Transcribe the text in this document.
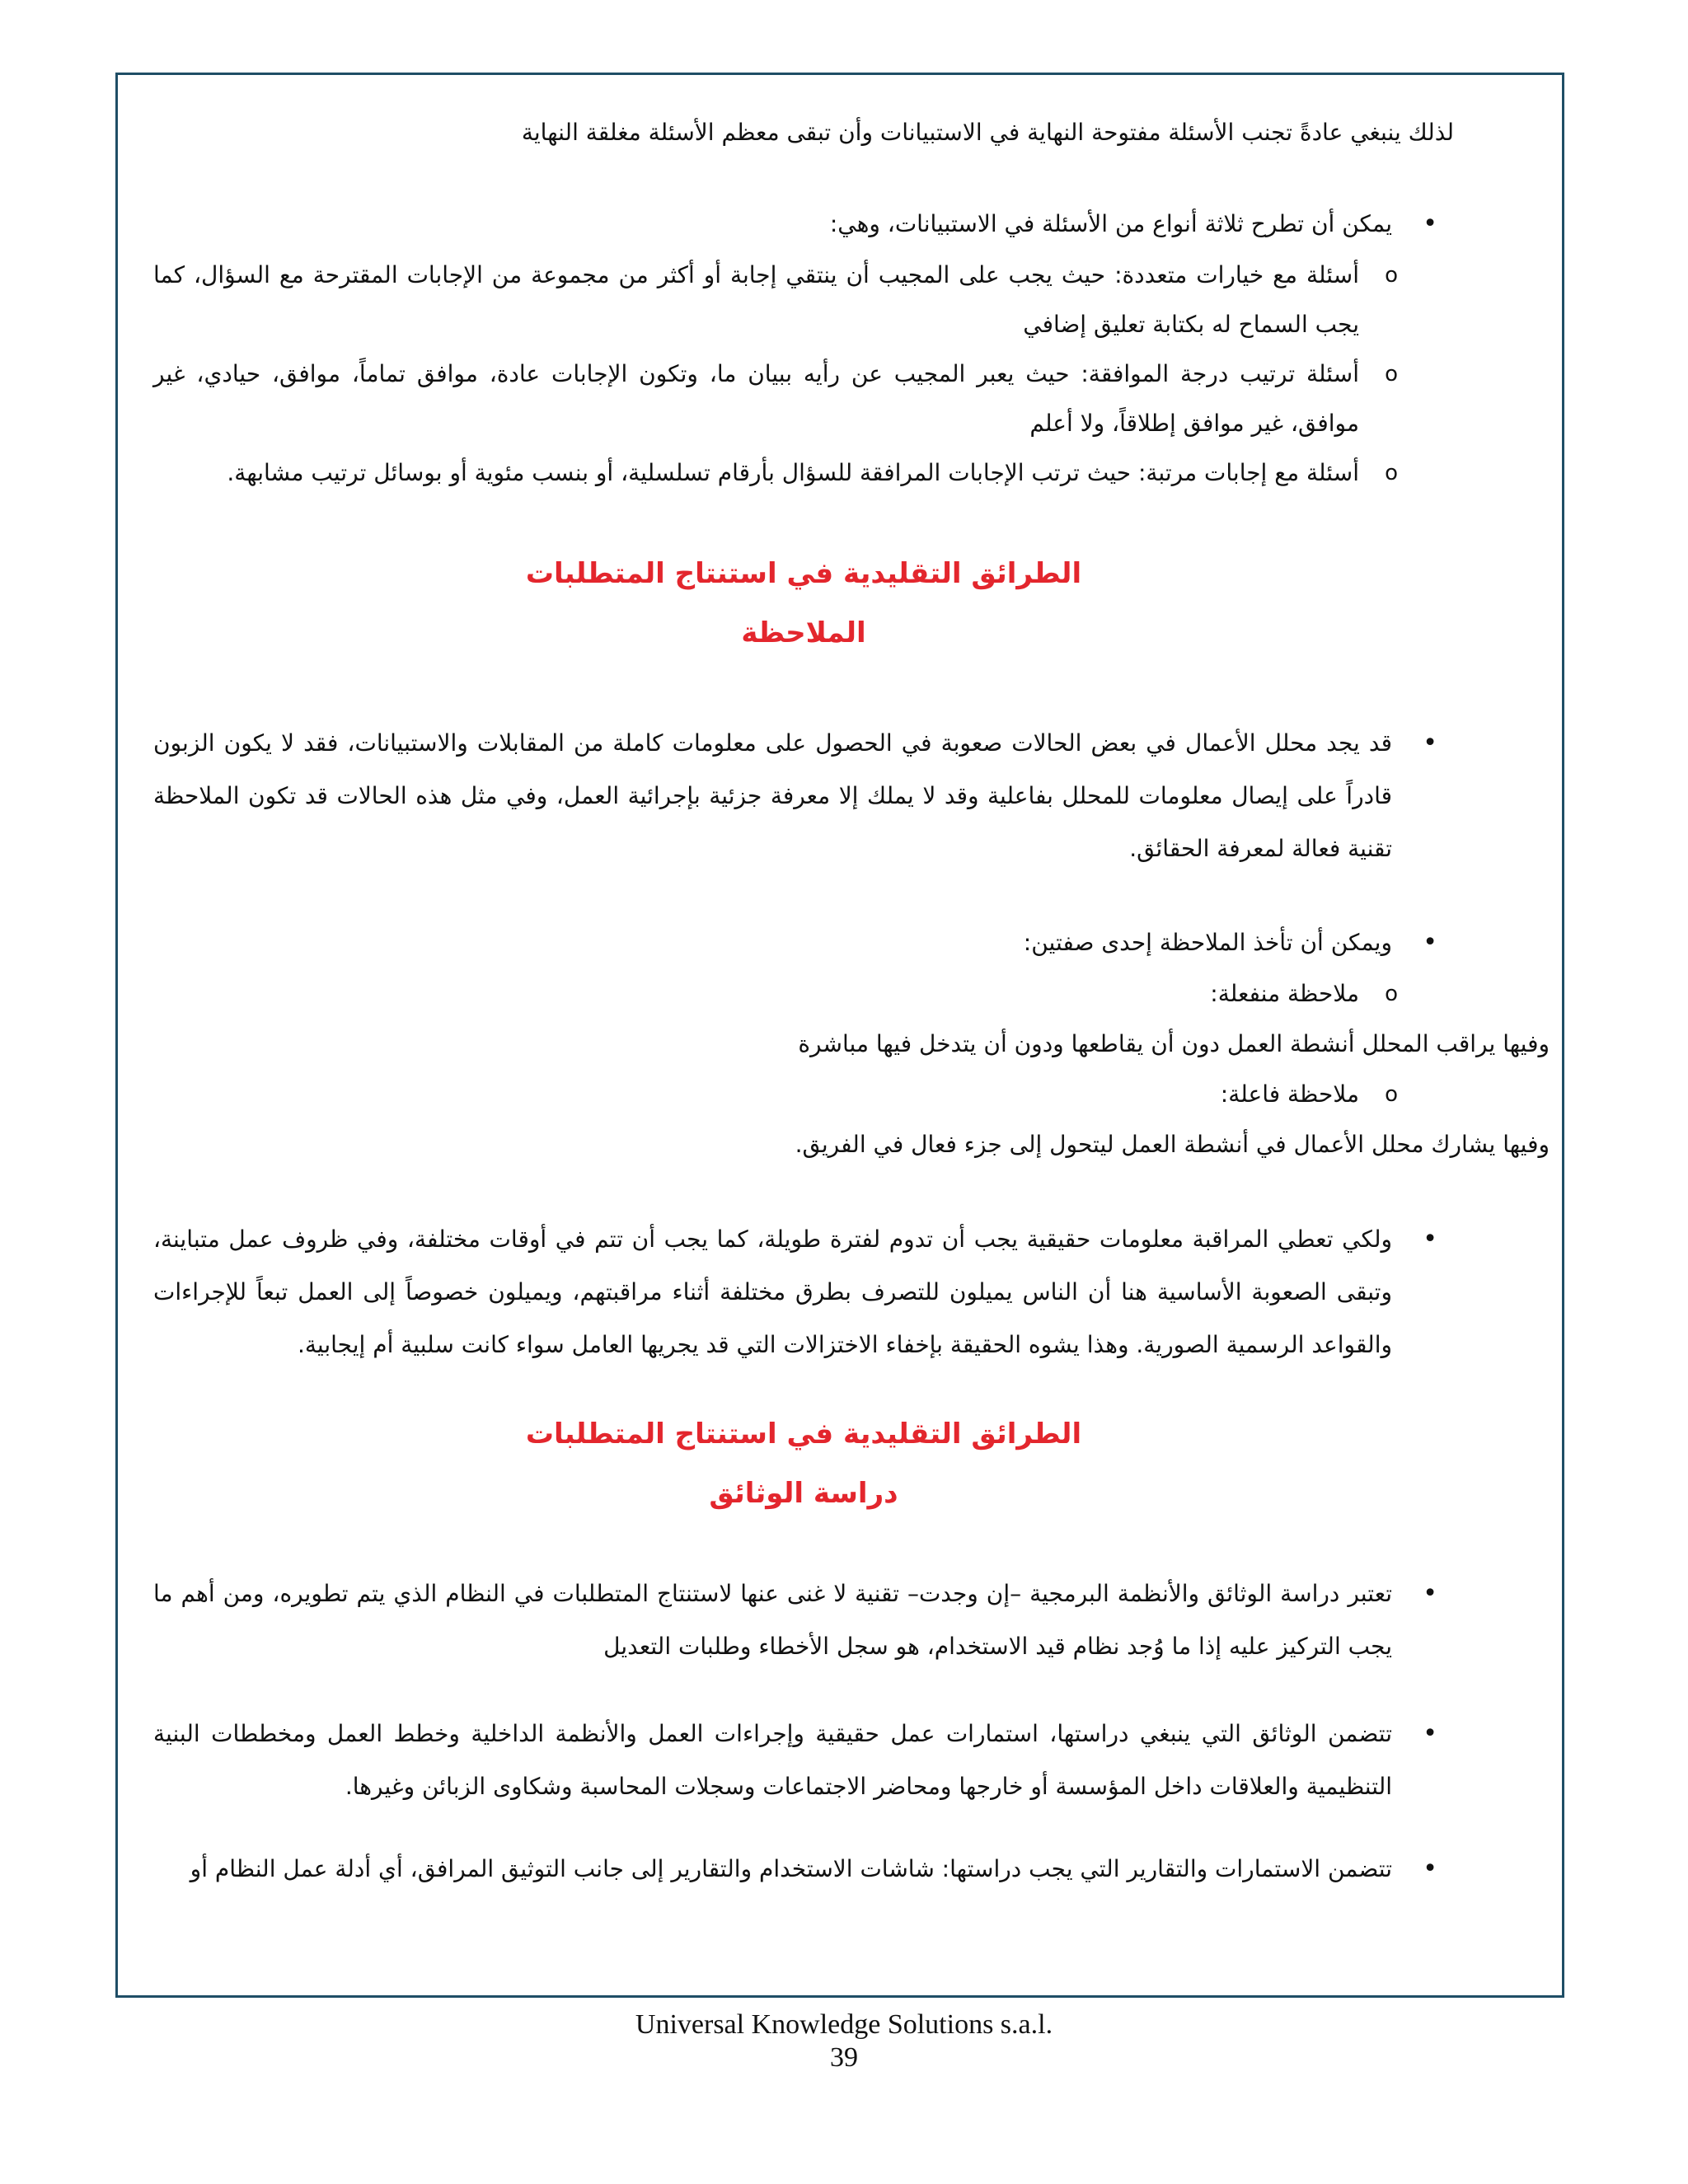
لذلك ينبغي عادةً تجنب الأسئلة مفتوحة النهاية في الاستبيانات وأن تبقى معظم الأسئلة مغلقة النهاية

• يمكن أن تطرح ثلاثة أنواع من الأسئلة في الاستبيانات، وهي:

o
أسئلة مع خيارات متعددة: حيث يجب على المجيب أن ينتقي إجابة أو أكثر من مجموعة من الإجابات المقترحة مع السؤال، كما يجب السماح له بكتابة تعليق إضافي

o
أسئلة ترتيب درجة الموافقة: حيث يعبر المجيب عن رأيه ببيان ما، وتكون الإجابات عادة، موافق تماماً، موافق، حيادي، غير موافق، غير موافق إطلاقاً، ولا أعلم

o
أسئلة مع إجابات مرتبة: حيث ترتب الإجابات المرافقة للسؤال بأرقام تسلسلية، أو بنسب مئوية أو بوسائل ترتيب مشابهة.

الطرائق التقليدية في استنتاج المتطلبات

الملاحظة

• قد يجد محلل الأعمال في بعض الحالات صعوبة في الحصول على معلومات كاملة من المقابلات والاستبيانات، فقد لا يكون الزبون قادراً على إيصال معلومات للمحلل بفاعلية وقد لا يملك إلا معرفة جزئية بإجرائية العمل، وفي مثل هذه الحالات قد تكون الملاحظة تقنية فعالة لمعرفة الحقائق.

• ويمكن أن تأخذ الملاحظة إحدى صفتين:

o
ملاحظة منفعلة:

وفيها يراقب المحلل أنشطة العمل دون أن يقاطعها ودون أن يتدخل فيها مباشرة

o
ملاحظة فاعلة:

وفيها يشارك محلل الأعمال في أنشطة العمل ليتحول إلى جزء فعال في الفريق.

• ولكي تعطي المراقبة معلومات حقيقية يجب أن تدوم لفترة طويلة، كما يجب أن تتم في أوقات مختلفة، وفي ظروف عمل متباينة، وتبقى الصعوبة الأساسية هنا أن الناس يميلون للتصرف بطرق مختلفة أثناء مراقبتهم، ويميلون خصوصاً إلى العمل تبعاً للإجراءات والقواعد الرسمية الصورية. وهذا يشوه الحقيقة بإخفاء الاختزالات التي قد يجريها العامل سواء كانت سلبية أم إيجابية.

الطرائق التقليدية في استنتاج المتطلبات

دراسة الوثائق

• تعتبر دراسة الوثائق والأنظمة البرمجية –إن وجدت– تقنية لا غنى عنها لاستنتاج المتطلبات في النظام الذي يتم تطويره، ومن أهم ما يجب التركيز عليه إذا ما وُجد نظام قيد الاستخدام، هو سجل الأخطاء وطلبات التعديل

• تتضمن الوثائق التي ينبغي دراستها، استمارات عمل حقيقية وإجراءات العمل والأنظمة الداخلية وخطط العمل ومخططات البنية التنظيمية والعلاقات داخل المؤسسة أو خارجها ومحاضر الاجتماعات وسجلات المحاسبة وشكاوى الزبائن وغيرها.

• تتضمن الاستمارات والتقارير التي يجب دراستها: شاشات الاستخدام والتقارير إلى جانب التوثيق المرافق، أي أدلة عمل النظام أو

Universal Knowledge Solutions s.a.l.
39
